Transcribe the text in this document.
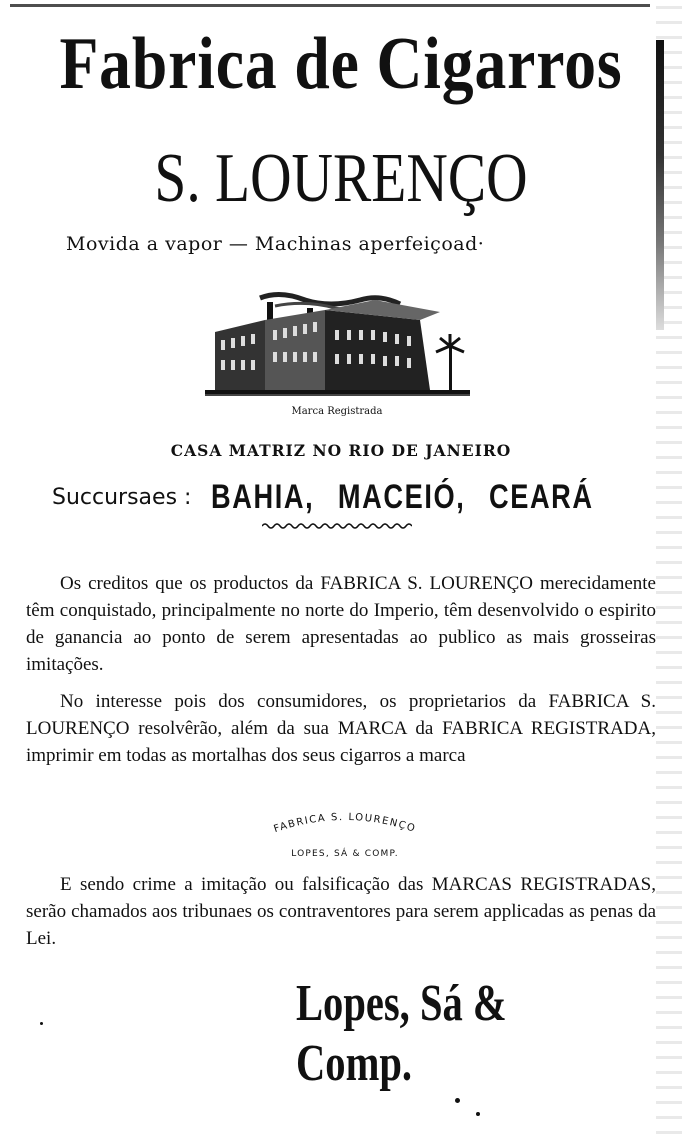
Fabrica de Cigarros
S. LOURENÇO
Movida a vapor — Machinas aperfeiçoad·
Marca Registrada
CASA MATRIZ NO RIO DE JANEIRO
Succursaes : BAHIA, MACEIÓ, CEARÁ
Os creditos que os productos da FABRICA S. LOURENÇO merecidamente têm conquistado, principalmente no norte do Imperio, têm desenvolvido o espirito de ganancia ao ponto de serem apresentadas ao publico as mais grosseiras imitações.
No interesse pois dos consumidores, os proprietarios da FABRICA S. LOURENÇO resolvêrão, além da sua MARCA da FABRICA REGISTRADA, imprimir em todas as mortalhas dos seus cigarros a marca
FABRICA S. LOURENÇO
LOPES, SÁ & COMP.
E sendo crime a imitação ou falsificação das MARCAS REGISTRADAS, serão chamados aos tribunaes os contraventores para serem applicadas as penas da Lei.
Lopes, Sá & Comp.
